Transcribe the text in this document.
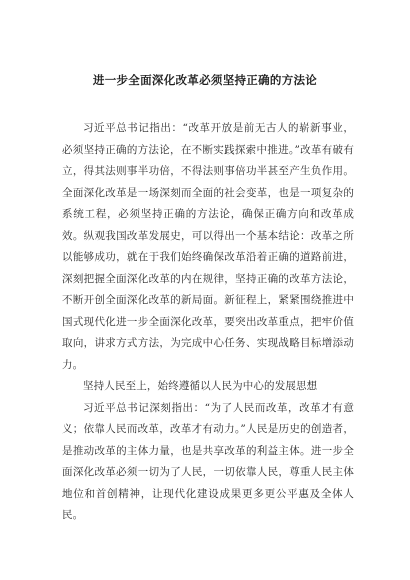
进一步全面深化改革必须坚持正确的方法论

习近平总书记指出：“改革开放是前无古人的崭新事业，必须坚持正确的方法论，在不断实践探索中推进。”改革有破有立，得其法则事半功倍，不得法则事倍功半甚至产生负作用。全面深化改革是一场深刻而全面的社会变革，也是一项复杂的系统工程，必须坚持正确的方法论，确保正确方向和改革成效。纵观我国改革发展史，可以得出一个基本结论：改革之所以能够成功，就在于我们始终确保改革沿着正确的道路前进，深刻把握全面深化改革的内在规律，坚持正确的改革方法论，不断开创全面深化改革的新局面。新征程上，紧紧围绕推进中国式现代化进一步全面深化改革，要突出改革重点，把牢价值取向，讲求方式方法，为完成中心任务、实现战略目标增添动力。

坚持人民至上，始终遵循以人民为中心的发展思想

习近平总书记深刻指出：“为了人民而改革，改革才有意义；依靠人民而改革，改革才有动力。”人民是历史的创造者，是推动改革的主体力量，也是共享改革的利益主体。进一步全面深化改革必须一切为了人民，一切依靠人民，尊重人民主体地位和首创精神，让现代化建设成果更多更公平惠及全体人民。
